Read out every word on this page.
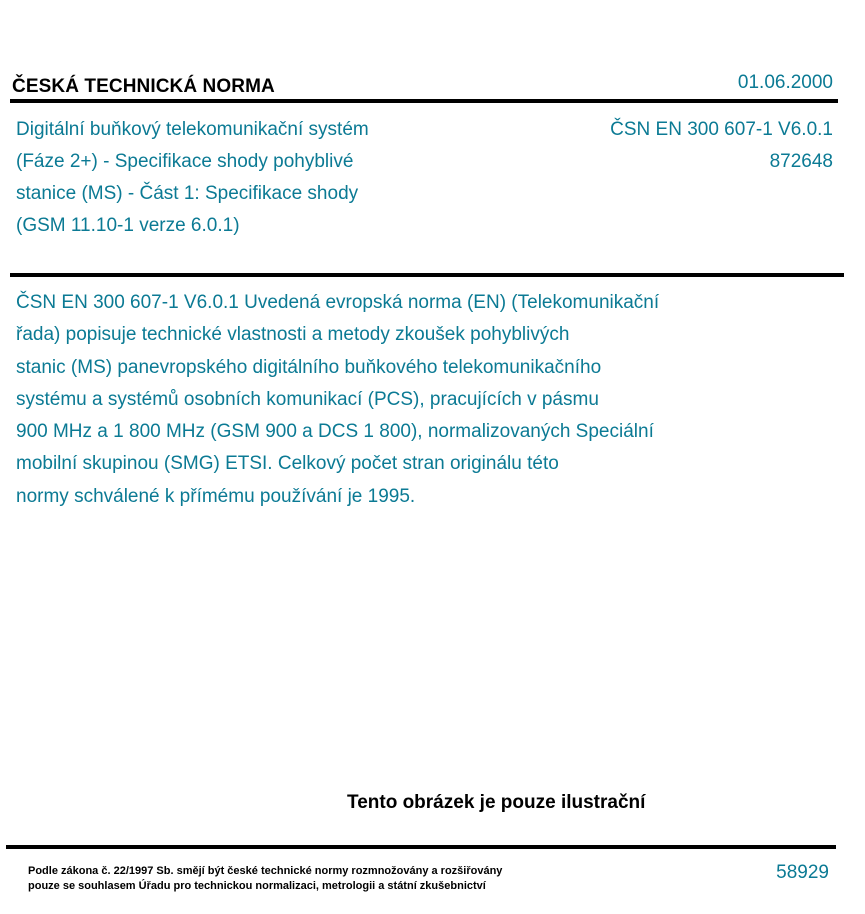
ČESKÁ TECHNICKÁ NORMA	01.06.2000
Digitální buňkový telekomunikační systém
(Fáze 2+) - Specifikace shody pohyblivé
stanice (MS) - Část 1: Specifikace shody
(GSM 11.10-1 verze 6.0.1)
ČSN EN 300 607-1 V6.0.1
872648
ČSN EN 300 607-1 V6.0.1 Uvedená evropská norma (EN) (Telekomunikační
řada) popisuje technické vlastnosti a metody zkoušek pohyblivých
stanic (MS) panevropského digitálního buňkového telekomunikačního
systému a systémů osobních komunikací (PCS), pracujících v pásmu
900 MHz a 1 800 MHz (GSM 900 a DCS 1 800), normalizovaných Speciální
mobilní skupinou (SMG) ETSI. Celkový počet stran originálu této
normy schválené k přímému používání je 1995.
Tento obrázek je pouze ilustrační
Podle zákona č. 22/1997 Sb. smějí být české technické normy rozmnožovány a rozšiřovány
pouze se souhlasem Úřadu pro technickou normalizaci, metrologii a státní zkušebnictví
58929
